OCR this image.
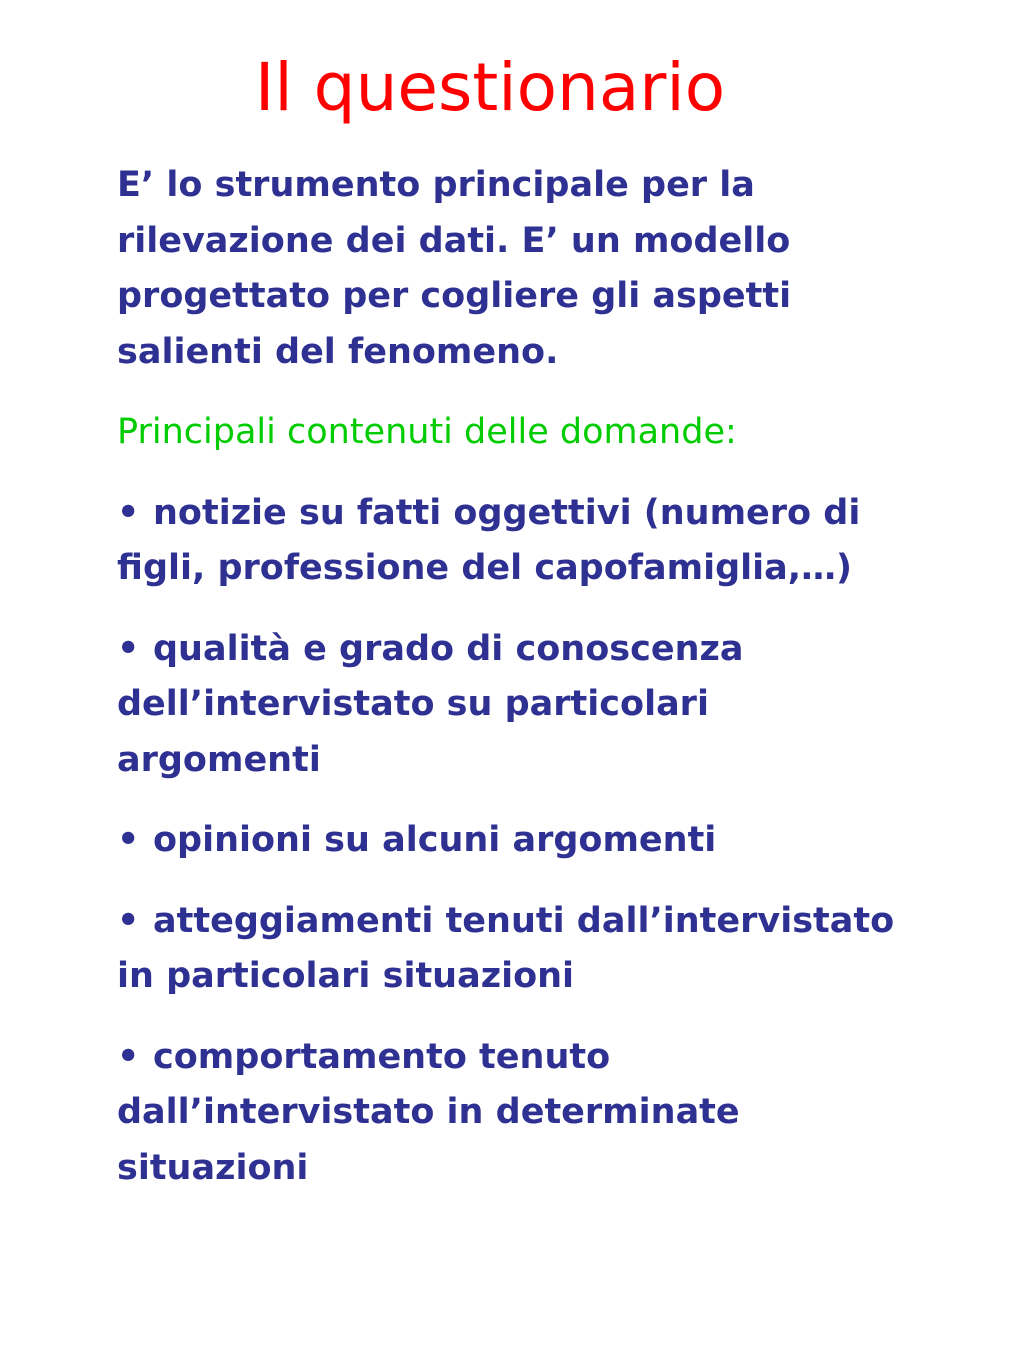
Il questionario

E’ lo strumento principale per la rilevazione dei dati. E’ un modello progettato per cogliere gli aspetti salienti del fenomeno.

Principali contenuti delle domande:

• notizie su fatti oggettivi (numero di figli, professione del capofamiglia,…)
• qualità e grado di conoscenza dell’intervistato su particolari argomenti
• opinioni su alcuni argomenti
• atteggiamenti tenuti dall’intervistato in particolari situazioni
• comportamento tenuto dall’intervistato in determinate situazioni
